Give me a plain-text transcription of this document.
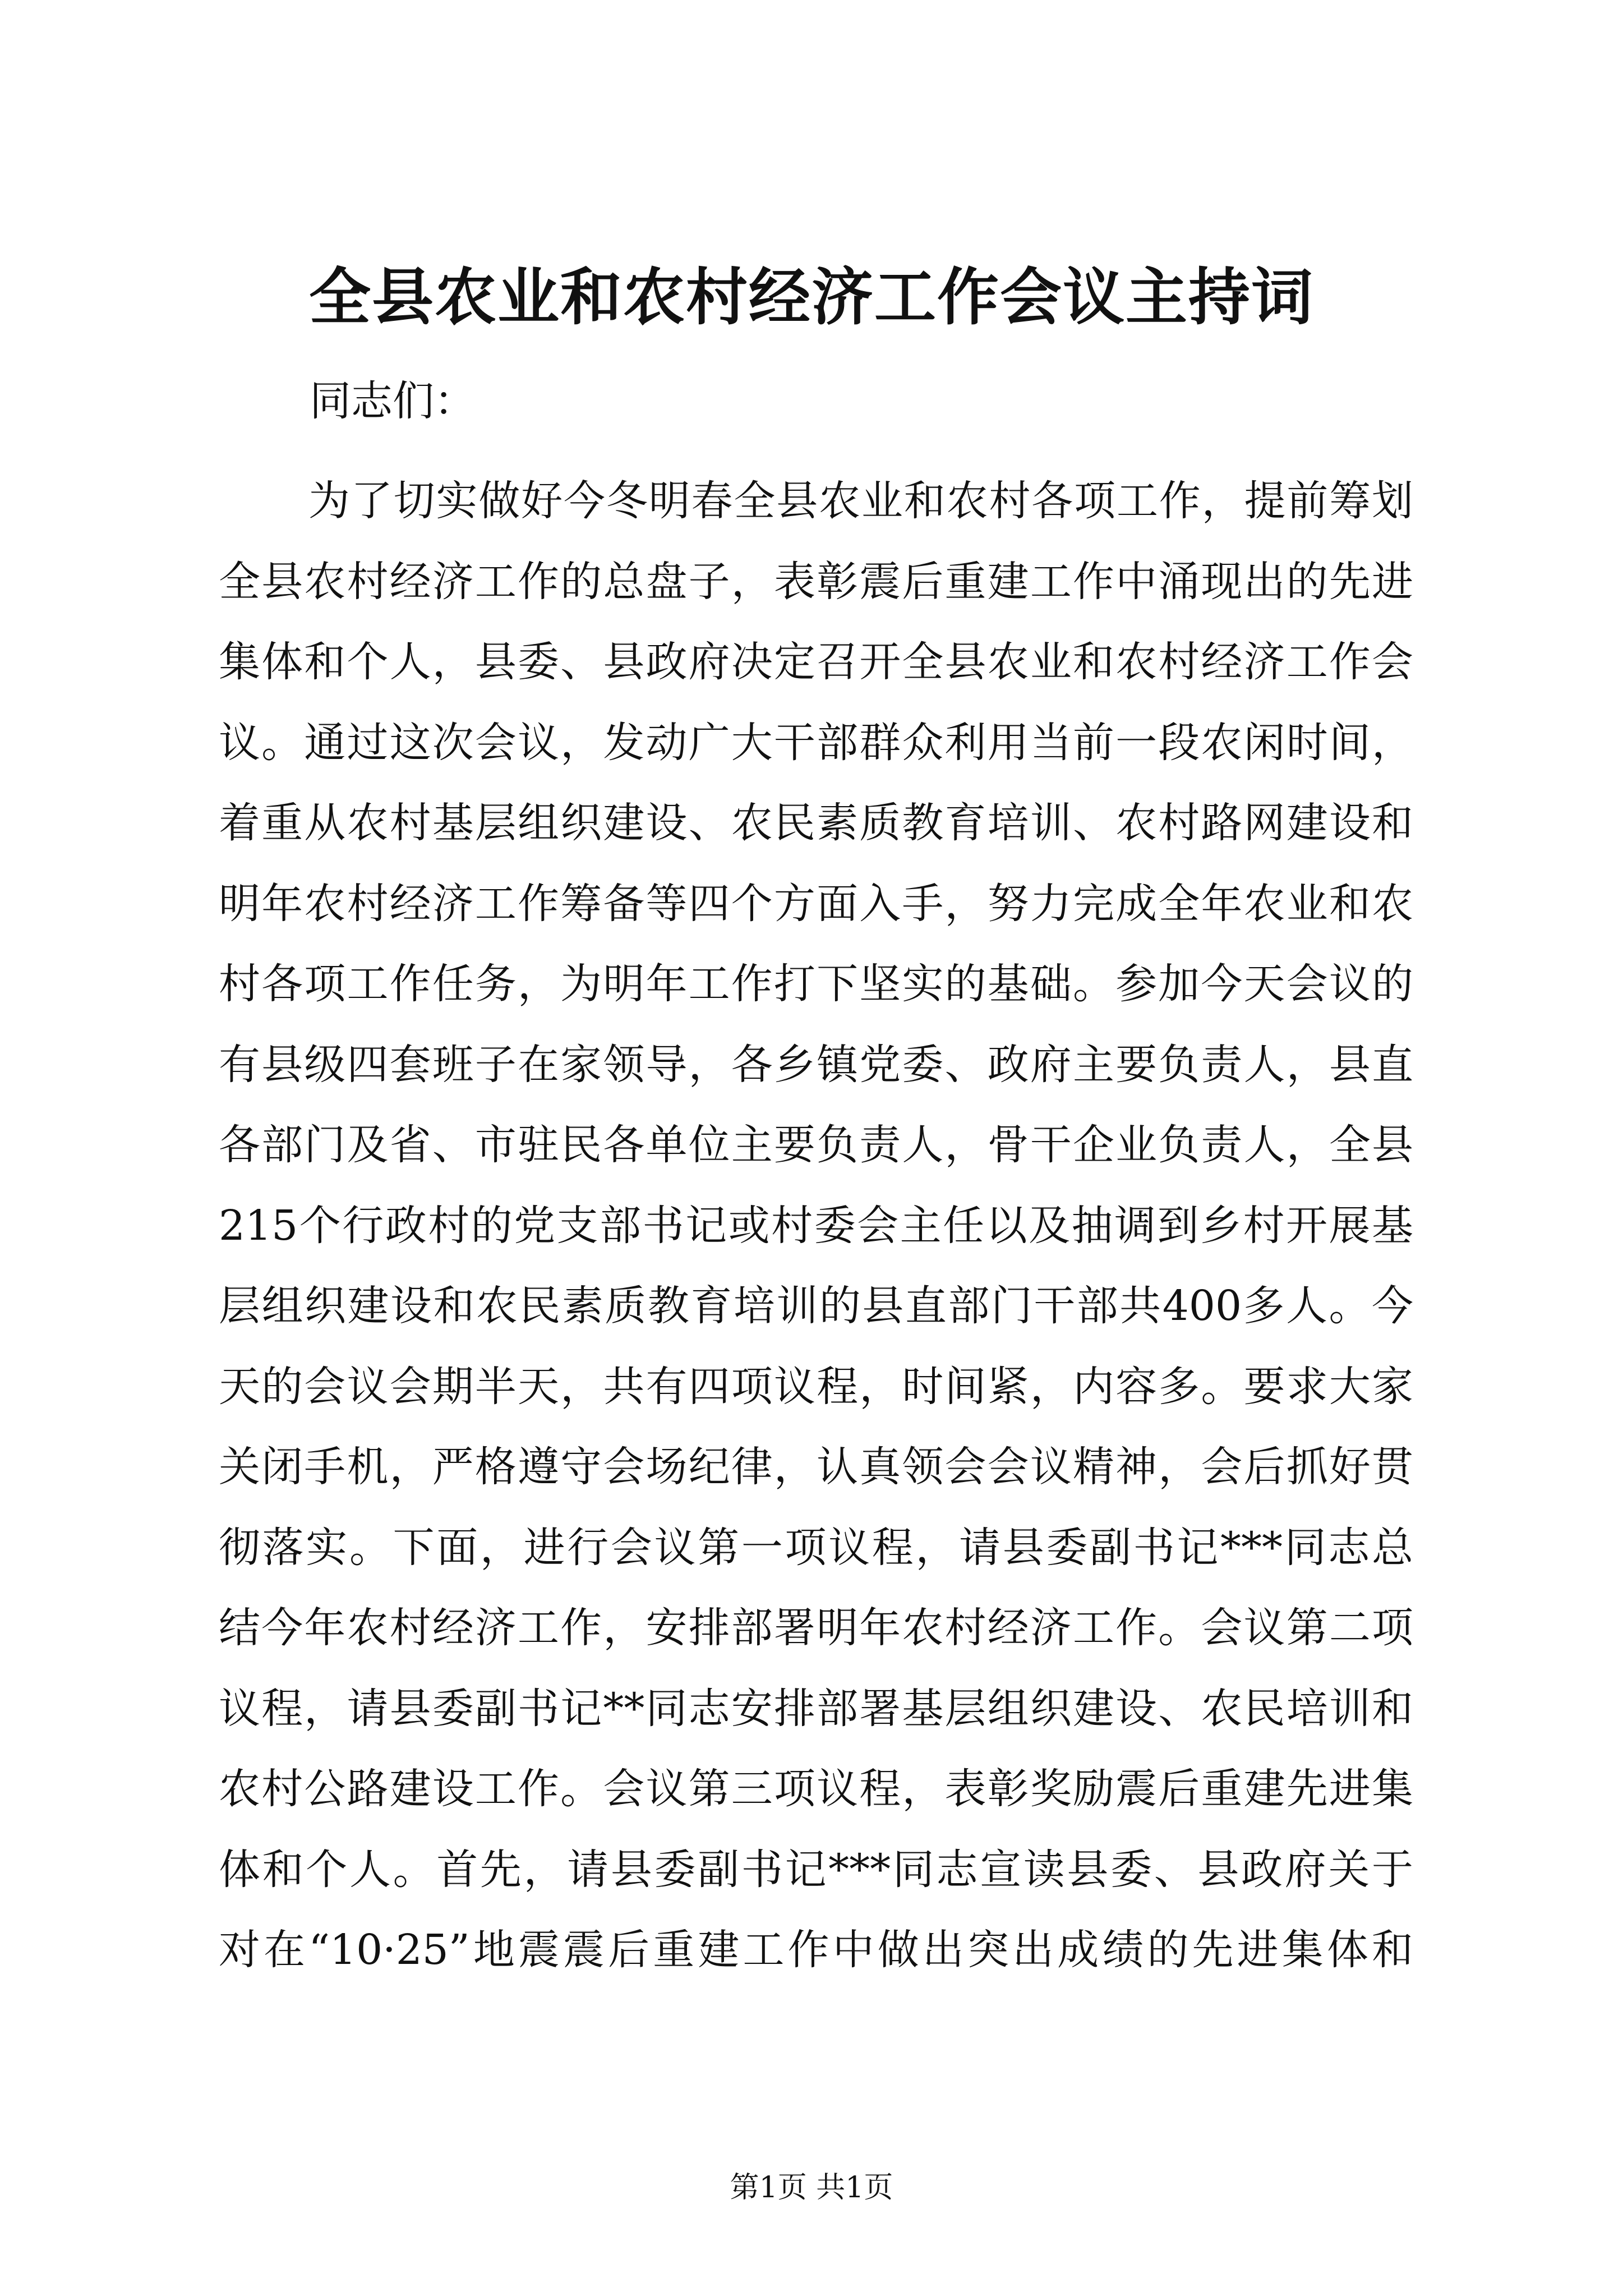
全县农业和农村经济工作会议主持词
同志们：
为了切实做好今冬明春全县农业和农村各项工作，提前筹划
全县农村经济工作的总盘子，表彰震后重建工作中涌现出的先进
集体和个人，县委、县政府决定召开全县农业和农村经济工作会
议。通过这次会议，发动广大干部群众利用当前一段农闲时间，
着重从农村基层组织建设、农民素质教育培训、农村路网建设和
明年农村经济工作筹备等四个方面入手，努力完成全年农业和农
村各项工作任务，为明年工作打下坚实的基础。参加今天会议的
有县级四套班子在家领导，各乡镇党委、政府主要负责人，县直
各部门及省、市驻民各单位主要负责人，骨干企业负责人，全县
215个行政村的党支部书记或村委会主任以及抽调到乡村开展基
层组织建设和农民素质教育培训的县直部门干部共400多人。今
天的会议会期半天，共有四项议程，时间紧，内容多。要求大家
关闭手机，严格遵守会场纪律，认真领会会议精神，会后抓好贯
彻落实。下面，进行会议第一项议程，请县委副书记***同志总
结今年农村经济工作，安排部署明年农村经济工作。会议第二项
议程，请县委副书记**同志安排部署基层组织建设、农民培训和
农村公路建设工作。会议第三项议程，表彰奖励震后重建先进集
体和个人。首先，请县委副书记***同志宣读县委、县政府关于
对在“10·25”地震震后重建工作中做出突出成绩的先进集体和
第1页 共1页
